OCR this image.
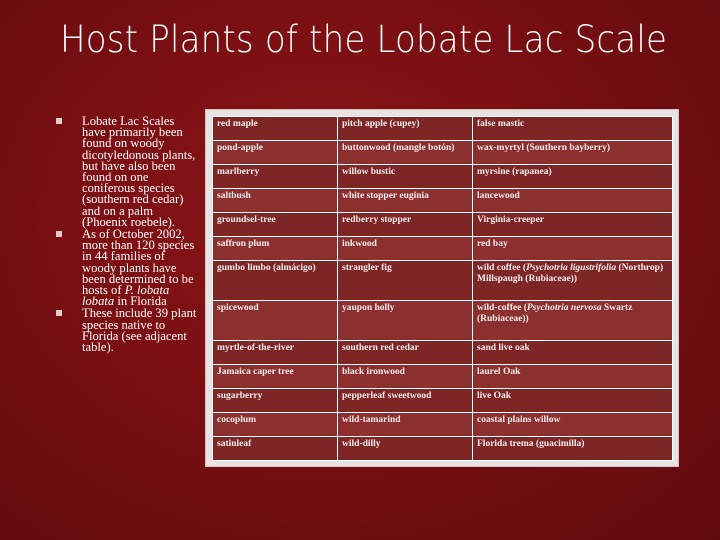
Host Plants of the Lobate Lac Scale
Lobate Lac Scales have primarily been found on woody dicotyledonous plants, but have also been found on one coniferous species (southern red cedar) and on a palm (Phoenix roebele).
As of October 2002, more than 120 species in 44 families of woody plants have been determined to be hosts of P. lobata lobata in Florida
These include 39 plant species native to Florida (see adjacent table).
red maple	pitch apple (cupey)	false mastic
pond-apple	buttonwood (mangle botón)	wax-myrtyl (Southern bayberry)
marlberry	willow bustic	myrsine (rapanea)
saltbush	white stopper euginia	lancewood
groundsel-tree	redberry stopper	Virginia-creeper
saffron plum	inkwood	red bay
gumbo limbo (almácigo)	strangler fig	wild coffee (Psychotria ligustrifolia (Northrop) Millspaugh (Rubiaceae))
spicewood	yaupon holly	wild-coffee (Psychotria nervosa Swartz (Rubiaceae))
myrtle-of-the-river	southern red cedar	sand live oak
Jamaica caper tree	black ironwood	laurel Oak
sugarberry	pepperleaf sweetwood	live Oak
cocoplum	wild-tamarind	coastal plains willow
satinleaf	wild-dilly	Florida trema (guacimilla)
